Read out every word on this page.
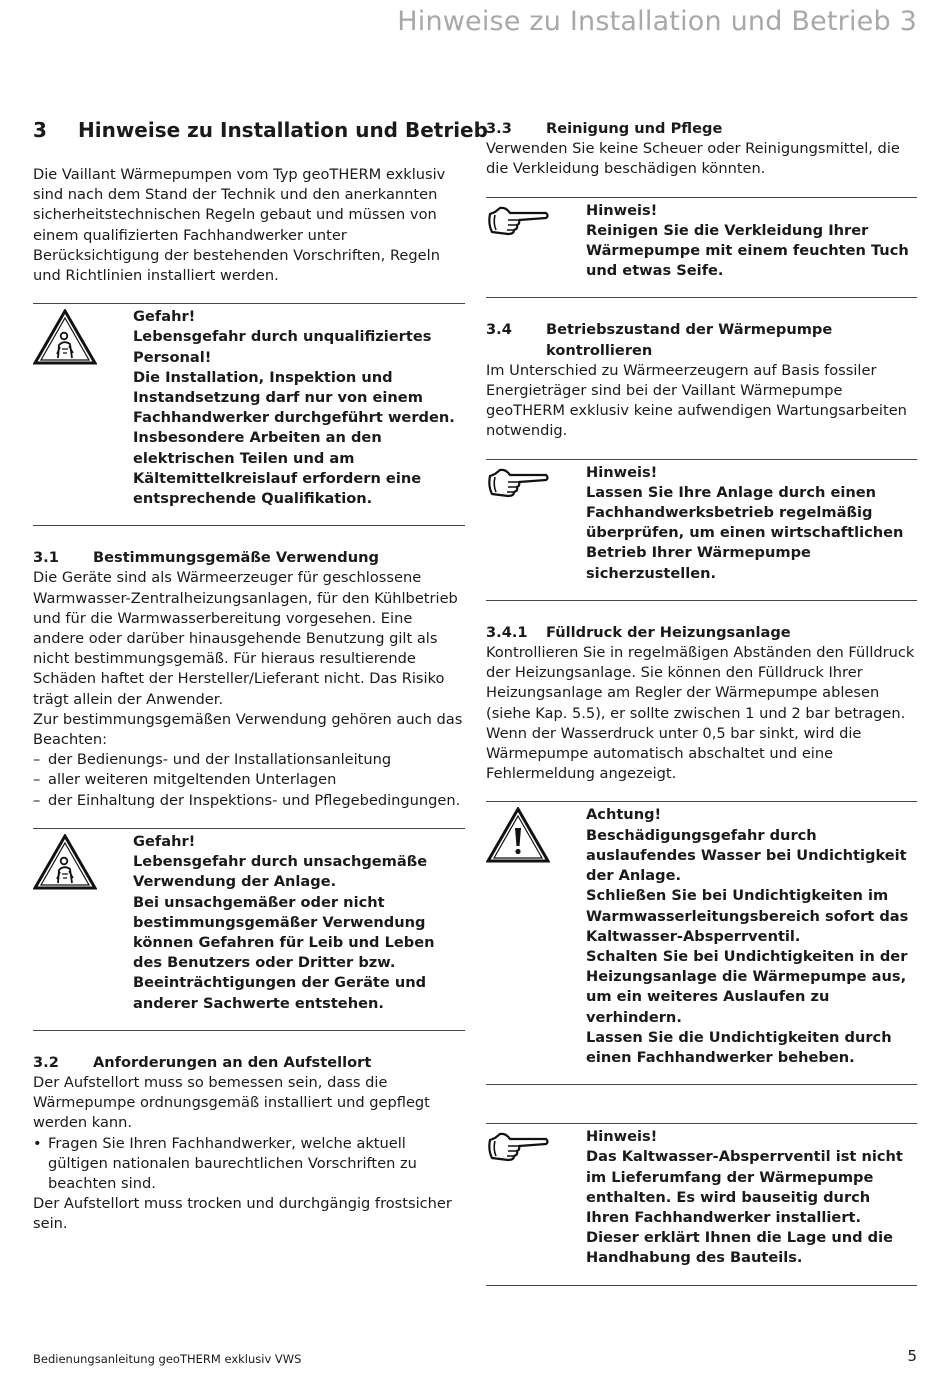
Hinweise zu Installation und Betrieb 3
3 Hinweise zu Installation und Betrieb

Die Vaillant Wärmepumpen vom Typ geoTHERM exklusiv sind nach dem Stand der Technik und den anerkannten sicherheitstechnischen Regeln gebaut und müssen von einem qualifizierten Fachhandwerker unter Berücksichtigung der bestehenden Vorschriften, Regeln und Richtlinien installiert werden.

Gefahr!
Lebensgefahr durch unqualifiziertes Personal!
Die Installation, Inspektion und Instandsetzung darf nur von einem Fachhandwerker durchgeführt werden. Insbesondere Arbeiten an den elektrischen Teilen und am Kältemittelkreislauf erfordern eine entsprechende Qualifikation.
3.1 Bestimmungsgemäße Verwendung

Die Geräte sind als Wärmeerzeuger für geschlossene Warmwasser-Zentralheizungsanlagen, für den Kühlbetrieb und für die Warmwasserbereitung vorgesehen. Eine andere oder darüber hinausgehende Benutzung gilt als nicht bestimmungsgemäß. Für hieraus resultierende Schäden haftet der Hersteller/Lieferant nicht. Das Risiko trägt allein der Anwender.

Zur bestimmungsgemäßen Verwendung gehören auch das Beachten:

– der Bedienungs- und der Installationsanleitung
– aller weiteren mitgeltenden Unterlagen
– der Einhaltung der Inspektions- und Pflegebedingungen.
Gefahr!
Lebensgefahr durch unsachgemäße Verwendung der Anlage.
Bei unsachgemäßer oder nicht bestimmungsgemäßer Verwendung können Gefahren für Leib und Leben des Benutzers oder Dritter bzw. Beeinträchtigungen der Geräte und anderer Sachwerte entstehen.
3.2 Anforderungen an den Aufstellort

Der Aufstellort muss so bemessen sein, dass die Wärmepumpe ordnungsgemäß installiert und gepflegt werden kann.

• Fragen Sie Ihren Fachhandwerker, welche aktuell gültigen nationalen baurechtlichen Vorschriften zu beachten sind.

Der Aufstellort muss trocken und durchgängig frostsicher sein.

3.3 Reinigung und Pflege

Verwenden Sie keine Scheuer oder Reinigungsmittel, die die Verkleidung beschädigen könnten.

Hinweis!
Reinigen Sie die Verkleidung Ihrer Wärmepumpe mit einem feuchten Tuch und etwas Seife.
3.4 Betriebszustand der Wärmepumpe
kontrollieren

Im Unterschied zu Wärmeerzeugern auf Basis fossiler Energieträger sind bei der Vaillant Wärmepumpe geoTHERM exklusiv keine aufwendigen Wartungsarbeiten notwendig.

Hinweis!
Lassen Sie Ihre Anlage durch einen Fachhandwerksbetrieb regelmäßig überprüfen, um einen wirtschaftlichen Betrieb Ihrer Wärmepumpe sicherzustellen.
3.4.1 Fülldruck der Heizungsanlage

Kontrollieren Sie in regelmäßigen Abständen den Fülldruck der Heizungsanlage. Sie können den Fülldruck Ihrer Heizungsanlage am Regler der Wärmepumpe ablesen (siehe Kap. 5.5), er sollte zwischen 1 und 2 bar betragen. Wenn der Wasserdruck unter 0,5 bar sinkt, wird die Wärmepumpe automatisch abschaltet und eine Fehlermeldung angezeigt.

Achtung!
Beschädigungsgefahr durch auslaufendes Wasser bei Undichtigkeit der Anlage.
Schließen Sie bei Undichtigkeiten im Warmwasserleitungsbereich sofort das Kaltwasser-Absperrventil.
Schalten Sie bei Undichtigkeiten in der Heizungsanlage die Wärmepumpe aus, um ein weiteres Auslaufen zu verhindern.
Lassen Sie die Undichtigkeiten durch einen Fachhandwerker beheben.
Hinweis!
Das Kaltwasser-Absperrventil ist nicht im Lieferumfang der Wärmepumpe enthalten. Es wird bauseitig durch Ihren Fachhandwerker installiert. Dieser erklärt Ihnen die Lage und die Handhabung des Bauteils.
Bedienungsanleitung geoTHERM exklusiv VWS	5
